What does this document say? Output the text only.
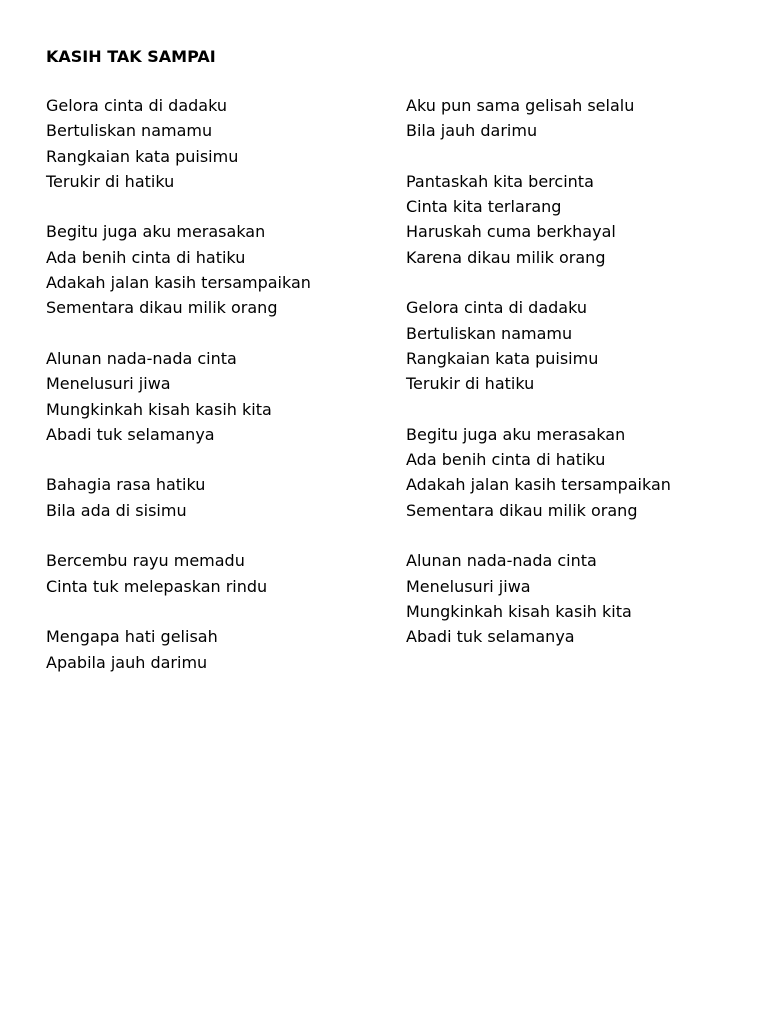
KASIH TAK SAMPAI
Gelora cinta di dadaku
Bertuliskan namamu
Rangkaian kata puisimu
Terukir di hatiku
Begitu juga aku merasakan
Ada benih cinta di hatiku
Adakah jalan kasih tersampaikan
Sementara dikau milik orang
Alunan nada-nada cinta
Menelusuri jiwa
Mungkinkah kisah kasih kita
Abadi tuk selamanya
Bahagia rasa hatiku
Bila ada di sisimu
Bercembu rayu memadu
Cinta tuk melepaskan rindu
Mengapa hati gelisah
Apabila jauh darimu
Aku pun sama gelisah selalu
Bila jauh darimu
Pantaskah kita bercinta
Cinta kita terlarang
Haruskah cuma berkhayal
Karena dikau milik orang
Gelora cinta di dadaku
Bertuliskan namamu
Rangkaian kata puisimu
Terukir di hatiku
Begitu juga aku merasakan
Ada benih cinta di hatiku
Adakah jalan kasih tersampaikan
Sementara dikau milik orang
Alunan nada-nada cinta
Menelusuri jiwa
Mungkinkah kisah kasih kita
Abadi tuk selamanya
